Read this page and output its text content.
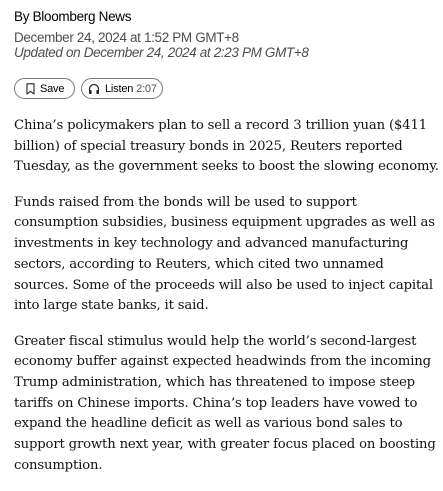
By Bloomberg News
December 24, 2024 at 1:52 PM GMT+8
Updated on December 24, 2024 at 2:23 PM GMT+8
Save	Listen 2:07

China’s policymakers plan to sell a record 3 trillion yuan ($411 billion) of special treasury bonds in 2025, Reuters reported Tuesday, as the government seeks to boost the slowing economy.

Funds raised from the bonds will be used to support consumption subsidies, business equipment upgrades as well as investments in key technology and advanced manufacturing sectors, according to Reuters, which cited two unnamed sources. Some of the proceeds will also be used to inject capital into large state banks, it said.

Greater fiscal stimulus would help the world’s second-largest economy buffer against expected headwinds from the incoming Trump administration, which has threatened to impose steep tariffs on Chinese imports. China’s top leaders have vowed to expand the headline deficit as well as various bond sales to support growth next year, with greater focus placed on boosting consumption.
